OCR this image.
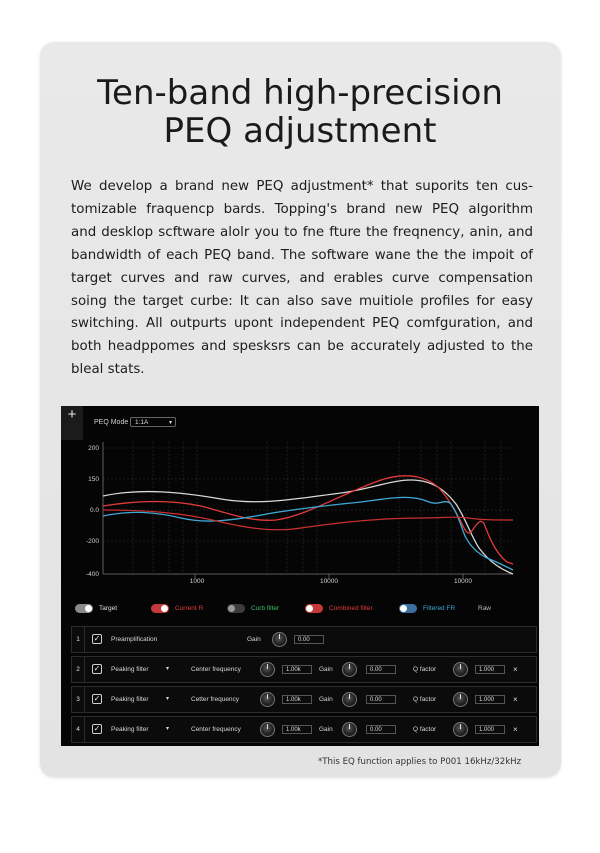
Ten-band high-precision
PEQ adjustment
We develop a brand new PEQ adjustment* that suporits ten cus-
tomizable fraquencp bards. Topping's brand new PEQ algorithm
and desklop scftware alolr you to fne fture the freqnency, anin, and
bandwidth of each PEQ band. The software wane the the impoit of
target curves and raw curves, and erables curve compensation
soing the target curbe: It can also save muitiole profiles for easy
switching. All outpurts upont independent PEQ comfguration, and
both headppomes and spesksrs can be accurately adjusted to the
bleal stats.
+	PEQ Mode	1:1A	▾
200
150
0.0
-200
-400
1000	10000	10000
Target	Current R	Curb filter	Combined filter	Filtered FR	Raw
1	✓ Preamplification	Gain	0.00
2	✓ Peaking filter	▾	Center frequency	1.00k	Gain	0.00	Q factor	1.000	×
3	✓ Peaking filter	▾	Cetter frequency	1.00k	Gain	0.00	Q factor	1.000	×
4	✓ Peaking filter	▾	Center frequency	1.00k	Gain	0.00	Q factor	1.000	×
*This EQ function applies to P001 16kHz/32kHz
